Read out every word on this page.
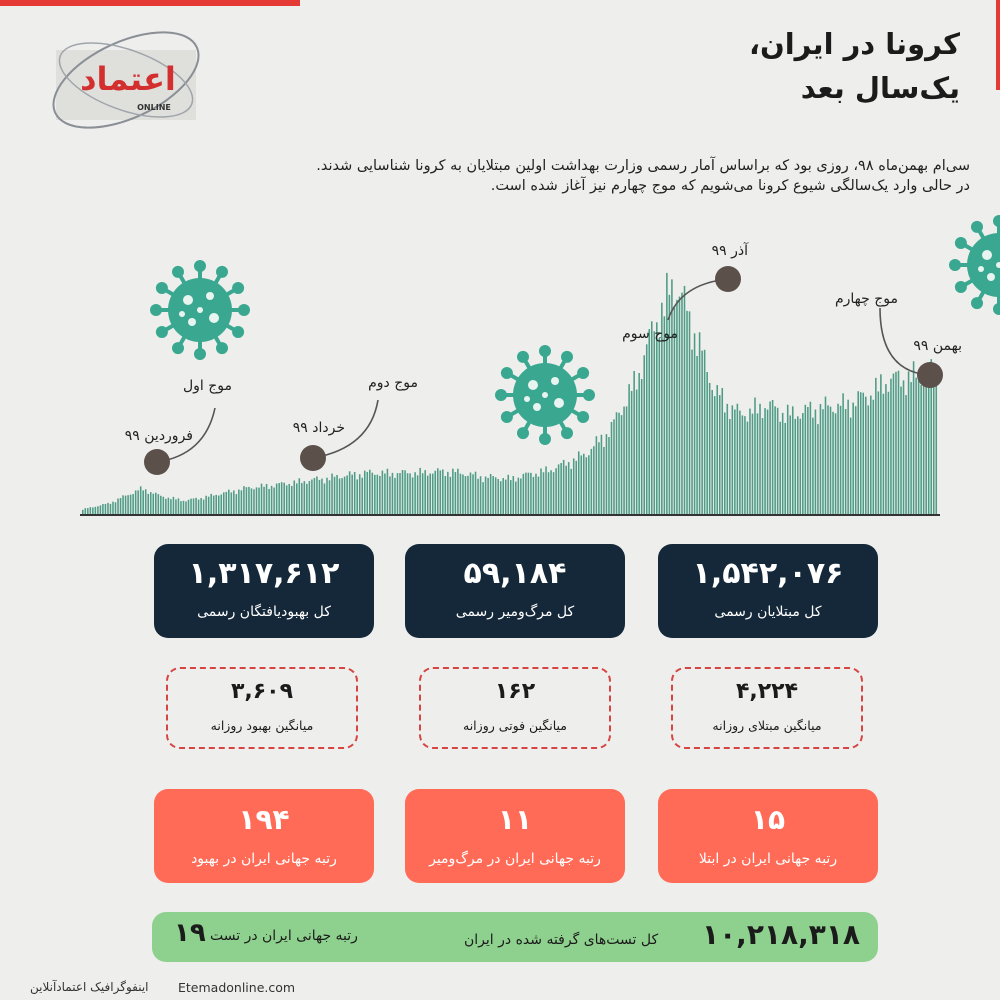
اعتماد
ONLINE
کرونا در ایران،
یک‌سال بعد
سی‌ام بهمن‌ماه ۹۸، روزی بود که براساس آمار رسمی وزارت بهداشت اولین مبتلایان به کرونا شناسایی شدند.
در حالی وارد یک‌سالگی شیوع کرونا می‌شویم که موج چهارم نیز آغاز شده است.
موج اول
فروردین ۹۹
موج دوم
خرداد ۹۹
موج سوم
آذر ۹۹
موج چهارم
بهمن ۹۹
۱,۳۱۷,۶۱۲
کل بهبودیافتگان رسمی
۵۹,۱۸۴
کل مرگ‌ومیر رسمی
۱,۵۴۲,۰۷۶
کل مبتلایان رسمی
۳,۶۰۹
میانگین بهبود روزانه
۱۶۲
میانگین فوتی روزانه
۴,۲۲۴
میانگین مبتلای روزانه
۱۹۴
رتبه جهانی ایران در بهبود
۱۱
رتبه جهانی ایران در مرگ‌ومیر
۱۵
رتبه جهانی ایران در ابتلا
۱۹ رتبه جهانی ایران در تست	کل تست‌های گرفته شده در ایران ۱۰,۲۱۸,۳۱۸
Etemadonline.com
اینفوگرافیک اعتمادآنلاین
